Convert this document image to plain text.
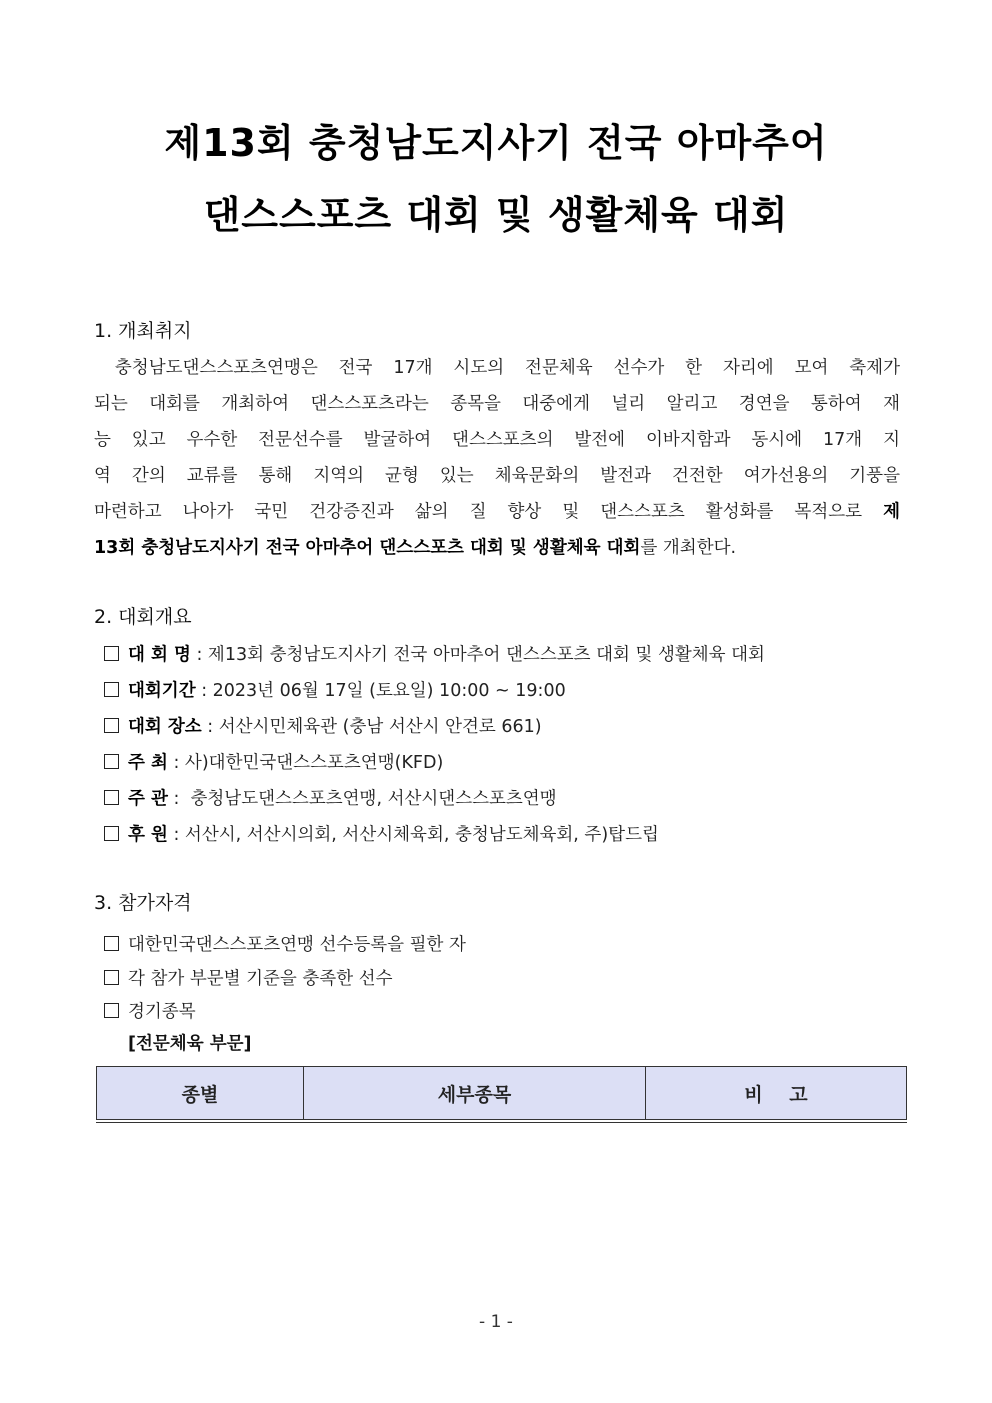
제13회 충청남도지사기 전국 아마추어
댄스스포츠 대회 및 생활체육 대회
1. 개최취지
충청남도댄스스포츠연맹은 전국 17개 시도의 전문체육 선수가 한 자리에 모여 축제가
되는 대회를 개최하여 댄스스포츠라는 종목을 대중에게 널리 알리고 경연을 통하여 재
능 있고 우수한 전문선수를 발굴하여 댄스스포츠의 발전에 이바지함과 동시에 17개 지
역 간의 교류를 통해 지역의 균형 있는 체육문화의 발전과 건전한 여가선용의 기풍을
마련하고 나아가 국민 건강증진과 삶의 질 향상 및 댄스스포츠 활성화를 목적으로 제
13회 충청남도지사기 전국 아마추어 댄스스포츠 대회 및 생활체육 대회를 개최한다.
2. 대회개요
대 회 명 : 제13회 충청남도지사기 전국 아마추어 댄스스포츠 대회 및 생활체육 대회
대회기간 : 2023년 06월 17일 (토요일) 10:00 ~ 19:00
대회 장소 : 서산시민체육관 (충남 서산시 안견로 661)
주 최 : 사)대한민국댄스스포츠연맹(KFD)
주 관 :  충청남도댄스스포츠연맹, 서산시댄스스포츠연맹
후 원 : 서산시, 서산시의회, 서산시체육회, 충청남도체육회, 주)탑드립
3. 참가자격
대한민국댄스스포츠연맹 선수등록을 필한 자
각 참가 부문별 기준을 충족한 선수
경기종목
[전문체육 부문]
종별	세부종목	비    고
- 1 -
